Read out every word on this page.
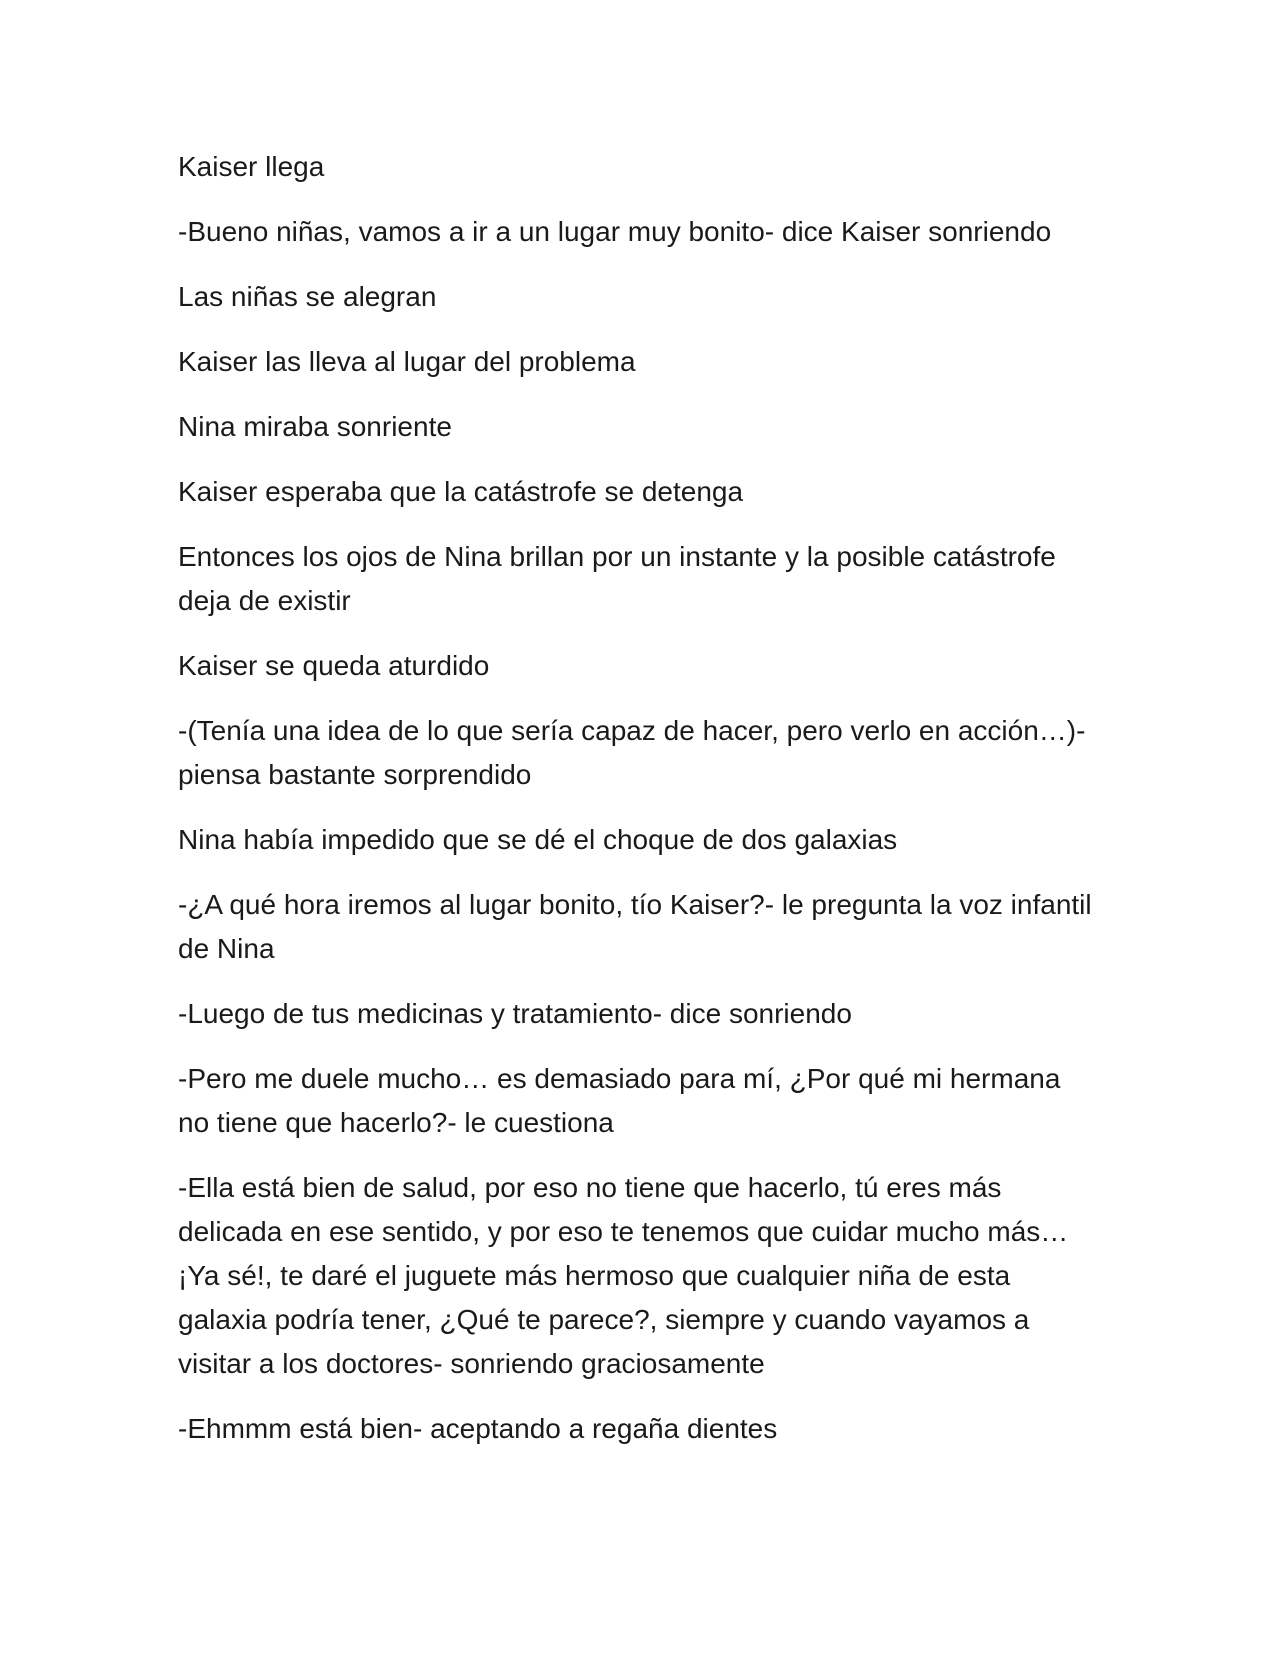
Kaiser llega

-Bueno niñas, vamos a ir a un lugar muy bonito- dice Kaiser sonriendo

Las niñas se alegran

Kaiser las lleva al lugar del problema

Nina miraba sonriente

Kaiser esperaba que la catástrofe se detenga

Entonces los ojos de Nina brillan por un instante y la posible catástrofe deja de existir

Kaiser se queda aturdido

-(Tenía una idea de lo que sería capaz de hacer, pero verlo en acción…)- piensa bastante sorprendido

Nina había impedido que se dé el choque de dos galaxias

-¿A qué hora iremos al lugar bonito, tío Kaiser?- le pregunta la voz infantil de Nina

-Luego de tus medicinas y tratamiento- dice sonriendo

-Pero me duele mucho… es demasiado para mí, ¿Por qué mi hermana no tiene que hacerlo?- le cuestiona

-Ella está bien de salud, por eso no tiene que hacerlo, tú eres más delicada en ese sentido, y por eso te tenemos que cuidar mucho más… ¡Ya sé!, te daré el juguete más hermoso que cualquier niña de esta galaxia podría tener, ¿Qué te parece?, siempre y cuando vayamos a visitar a los doctores- sonriendo graciosamente

-Ehmmm está bien- aceptando a regaña dientes
